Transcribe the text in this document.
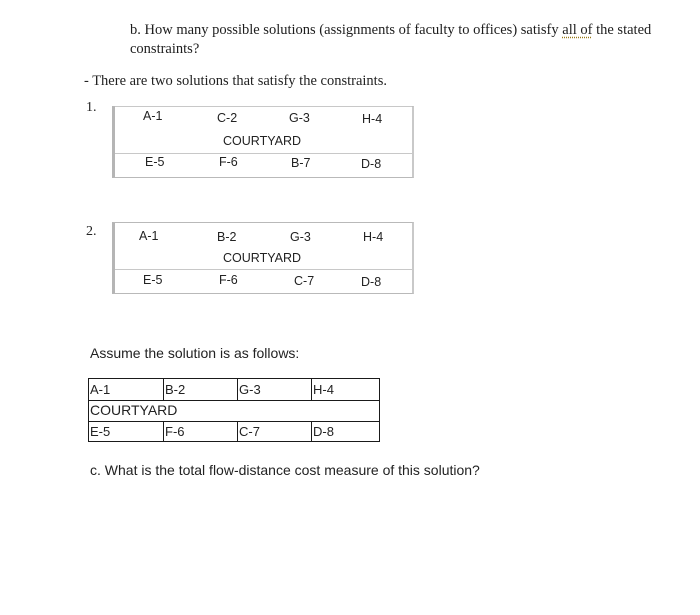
b. How many possible solutions (assignments of faculty to offices) satisfy all of the stated
constraints?
- There are two solutions that satisfy the constraints.
1.
A-1	C-2	G-3	H-4
COURTYARD
E-5	F-6	B-7	D-8
2.	A-1	B-2	G-3	H-4
COURTYARD
E-5	F-6	C-7	D-8
Assume the solution is as follows:
A-1	B-2	G-3	H-4
COURTYARD
E-5	F-6	C-7	D-8
c. What is the total flow-distance cost measure of this solution?
